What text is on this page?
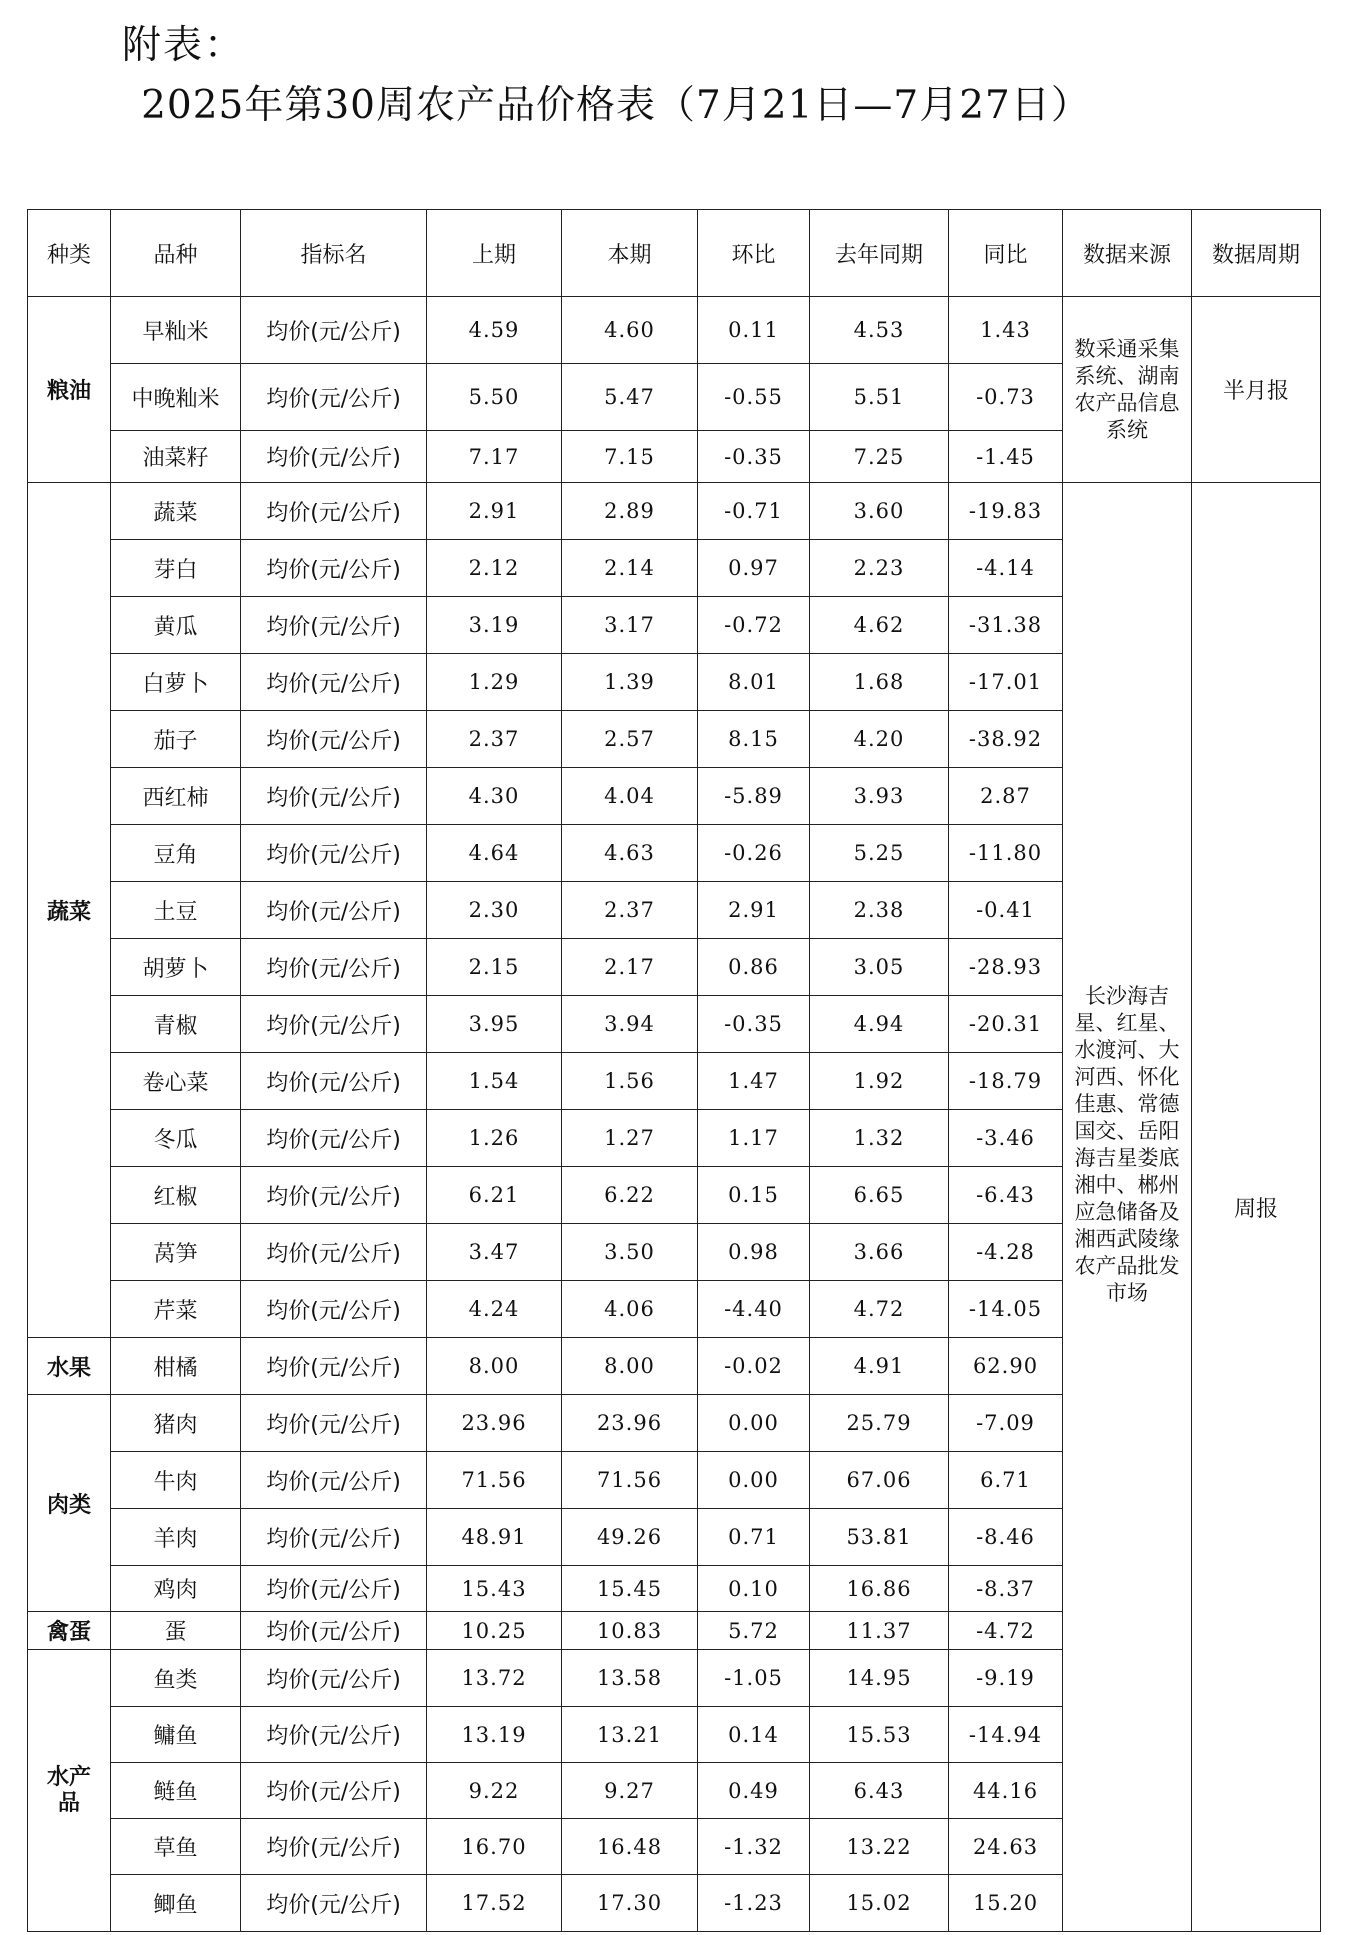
附表：
2025年第30周农产品价格表（7月21日—7月27日）
种类	品种	指标名	上期	本期	环比	去年同期	同比	数据来源	数据周期
粮油	早籼米	均价(元/公斤)	4.59	4.60	0.11	4.53	1.43	数采通采集系统、湖南农产品信息系统	半月报
	中晚籼米	均价(元/公斤)	5.50	5.47	-0.55	5.51	-0.73		
	油菜籽	均价(元/公斤)	7.17	7.15	-0.35	7.25	-1.45		
蔬菜	蔬菜	均价(元/公斤)	2.91	2.89	-0.71	3.60	-19.83	长沙海吉星、红星、水渡河、大河西、怀化佳惠、常德国交、岳阳海吉星娄底湘中、郴州应急储备及湘西武陵缘农产品批发市场	周报
	芽白	均价(元/公斤)	2.12	2.14	0.97	2.23	-4.14		
	黄瓜	均价(元/公斤)	3.19	3.17	-0.72	4.62	-31.38		
	白萝卜	均价(元/公斤)	1.29	1.39	8.01	1.68	-17.01		
	茄子	均价(元/公斤)	2.37	2.57	8.15	4.20	-38.92		
	西红柿	均价(元/公斤)	4.30	4.04	-5.89	3.93	2.87		
	豆角	均价(元/公斤)	4.64	4.63	-0.26	5.25	-11.80		
	土豆	均价(元/公斤)	2.30	2.37	2.91	2.38	-0.41		
	胡萝卜	均价(元/公斤)	2.15	2.17	0.86	3.05	-28.93		
	青椒	均价(元/公斤)	3.95	3.94	-0.35	4.94	-20.31		
	卷心菜	均价(元/公斤)	1.54	1.56	1.47	1.92	-18.79		
	冬瓜	均价(元/公斤)	1.26	1.27	1.17	1.32	-3.46		
	红椒	均价(元/公斤)	6.21	6.22	0.15	6.65	-6.43		
	莴笋	均价(元/公斤)	3.47	3.50	0.98	3.66	-4.28		
	芹菜	均价(元/公斤)	4.24	4.06	-4.40	4.72	-14.05		
水果	柑橘	均价(元/公斤)	8.00	8.00	-0.02	4.91	62.90		
肉类	猪肉	均价(元/公斤)	23.96	23.96	0.00	25.79	-7.09		
	牛肉	均价(元/公斤)	71.56	71.56	0.00	67.06	6.71		
	羊肉	均价(元/公斤)	48.91	49.26	0.71	53.81	-8.46		
	鸡肉	均价(元/公斤)	15.43	15.45	0.10	16.86	-8.37		
禽蛋	蛋	均价(元/公斤)	10.25	10.83	5.72	11.37	-4.72		
水产品	鱼类	均价(元/公斤)	13.72	13.58	-1.05	14.95	-9.19		
	鳙鱼	均价(元/公斤)	13.19	13.21	0.14	15.53	-14.94		
	鲢鱼	均价(元/公斤)	9.22	9.27	0.49	6.43	44.16		
	草鱼	均价(元/公斤)	16.70	16.48	-1.32	13.22	24.63		
	鲫鱼	均价(元/公斤)	17.52	17.30	-1.23	15.02	15.20		
